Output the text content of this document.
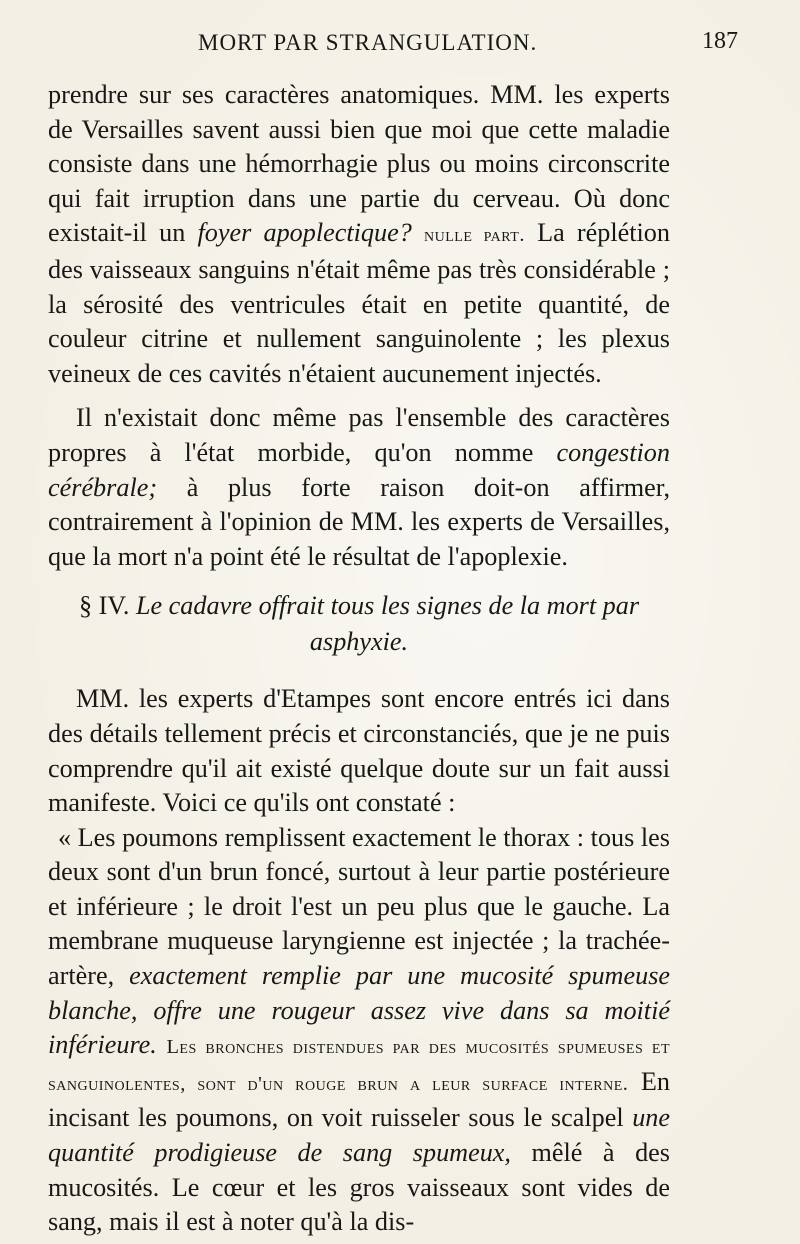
MORT PAR STRANGULATION.	187

prendre sur ses caractères anatomiques. MM. les experts de Versailles savent aussi bien que moi que cette maladie consiste dans une hémorrhagie plus ou moins circonscrite qui fait irruption dans une partie du cerveau. Où donc existait-il un foyer apoplectique? nulle part. La réplétion des vaisseaux sanguins n'était même pas très considérable ; la sérosité des ventricules était en petite quantité, de couleur citrine et nullement sanguinolente ; les plexus veineux de ces cavités n'étaient aucunement injectés.

Il n'existait donc même pas l'ensemble des caractères propres à l'état morbide, qu'on nomme congestion cérébrale; à plus forte raison doit-on affirmer, contrairement à l'opinion de MM. les experts de Versailles, que la mort n'a point été le résultat de l'apoplexie.

§ IV. Le cadavre offrait tous les signes de la mort par asphyxie.

MM. les experts d'Etampes sont encore entrés ici dans des détails tellement précis et circonstanciés, que je ne puis comprendre qu'il ait existé quelque doute sur un fait aussi manifeste. Voici ce qu'ils ont constaté :

« Les poumons remplissent exactement le thorax : tous les deux sont d'un brun foncé, surtout à leur partie postérieure et inférieure ; le droit l'est un peu plus que le gauche. La membrane muqueuse laryngienne est injectée ; la trachée-artère, exactement remplie par une mucosité spumeuse blanche, offre une rougeur assez vive dans sa moitié inférieure. Les bronches distendues par des mucosités spumeuses et sanguinolentes, sont d'un rouge brun a leur surface interne. En incisant les poumons, on voit ruisseler sous le scalpel une quantité prodigieuse de sang spumeux, mêlé à des mucosités. Le cœur et les gros vaisseaux sont vides de sang, mais il est à noter qu'à la dis-
